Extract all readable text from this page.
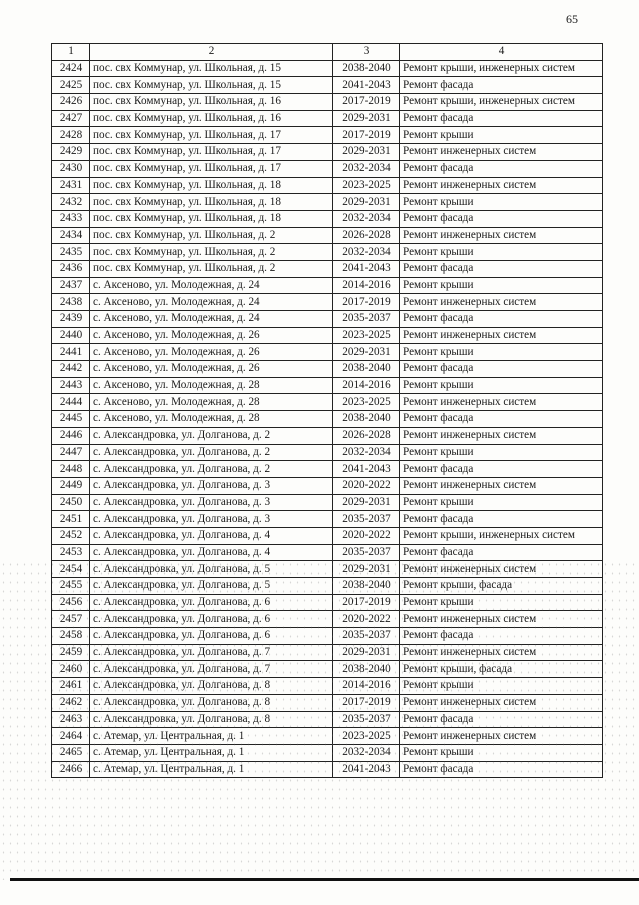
65
1	2	3	4
2424	пос. свх Коммунар, ул. Школьная, д. 15	2038-2040	Ремонт крыши, инженерных систем
2425	пос. свх Коммунар, ул. Школьная, д. 15	2041-2043	Ремонт фасада
2426	пос. свх Коммунар, ул. Школьная, д. 16	2017-2019	Ремонт крыши, инженерных систем
2427	пос. свх Коммунар, ул. Школьная, д. 16	2029-2031	Ремонт фасада
2428	пос. свх Коммунар, ул. Школьная, д. 17	2017-2019	Ремонт крыши
2429	пос. свх Коммунар, ул. Школьная, д. 17	2029-2031	Ремонт инженерных систем
2430	пос. свх Коммунар, ул. Школьная, д. 17	2032-2034	Ремонт фасада
2431	пос. свх Коммунар, ул. Школьная, д. 18	2023-2025	Ремонт инженерных систем
2432	пос. свх Коммунар, ул. Школьная, д. 18	2029-2031	Ремонт крыши
2433	пос. свх Коммунар, ул. Школьная, д. 18	2032-2034	Ремонт фасада
2434	пос. свх Коммунар, ул. Школьная, д. 2	2026-2028	Ремонт инженерных систем
2435	пос. свх Коммунар, ул. Школьная, д. 2	2032-2034	Ремонт крыши
2436	пос. свх Коммунар, ул. Школьная, д. 2	2041-2043	Ремонт фасада
2437	с. Аксеново, ул. Молодежная, д. 24	2014-2016	Ремонт крыши
2438	с. Аксеново, ул. Молодежная, д. 24	2017-2019	Ремонт инженерных систем
2439	с. Аксеново, ул. Молодежная, д. 24	2035-2037	Ремонт фасада
2440	с. Аксеново, ул. Молодежная, д. 26	2023-2025	Ремонт инженерных систем
2441	с. Аксеново, ул. Молодежная, д. 26	2029-2031	Ремонт крыши
2442	с. Аксеново, ул. Молодежная, д. 26	2038-2040	Ремонт фасада
2443	с. Аксеново, ул. Молодежная, д. 28	2014-2016	Ремонт крыши
2444	с. Аксеново, ул. Молодежная, д. 28	2023-2025	Ремонт инженерных систем
2445	с. Аксеново, ул. Молодежная, д. 28	2038-2040	Ремонт фасада
2446	с. Александровка, ул. Долганова, д. 2	2026-2028	Ремонт инженерных систем
2447	с. Александровка, ул. Долганова, д. 2	2032-2034	Ремонт крыши
2448	с. Александровка, ул. Долганова, д. 2	2041-2043	Ремонт фасада
2449	с. Александровка, ул. Долганова, д. 3	2020-2022	Ремонт инженерных систем
2450	с. Александровка, ул. Долганова, д. 3	2029-2031	Ремонт крыши
2451	с. Александровка, ул. Долганова, д. 3	2035-2037	Ремонт фасада
2452	с. Александровка, ул. Долганова, д. 4	2020-2022	Ремонт крыши, инженерных систем
2453	с. Александровка, ул. Долганова, д. 4	2035-2037	Ремонт фасада
2454	с. Александровка, ул. Долганова, д. 5	2029-2031	Ремонт инженерных систем
2455	с. Александровка, ул. Долганова, д. 5	2038-2040	Ремонт крыши, фасада
2456	с. Александровка, ул. Долганова, д. 6	2017-2019	Ремонт крыши
2457	с. Александровка, ул. Долганова, д. 6	2020-2022	Ремонт инженерных систем
2458	с. Александровка, ул. Долганова, д. 6	2035-2037	Ремонт фасада
2459	с. Александровка, ул. Долганова, д. 7	2029-2031	Ремонт инженерных систем
2460	с. Александровка, ул. Долганова, д. 7	2038-2040	Ремонт крыши, фасада
2461	с. Александровка, ул. Долганова, д. 8	2014-2016	Ремонт крыши
2462	с. Александровка, ул. Долганова, д. 8	2017-2019	Ремонт инженерных систем
2463	с. Александровка, ул. Долганова, д. 8	2035-2037	Ремонт фасада
2464	с. Атемар, ул. Центральная, д. 1	2023-2025	Ремонт инженерных систем
2465	с. Атемар, ул. Центральная, д. 1	2032-2034	Ремонт крыши
2466	с. Атемар, ул. Центральная, д. 1	2041-2043	Ремонт фасада
